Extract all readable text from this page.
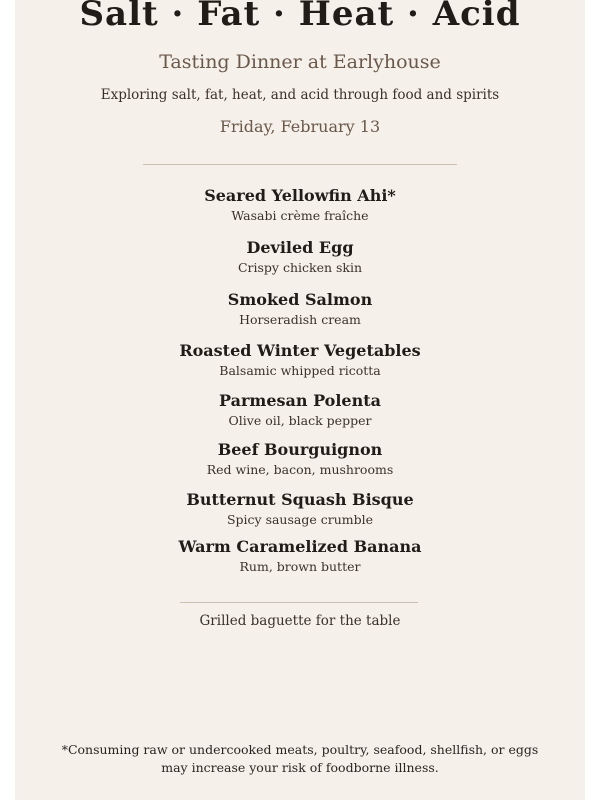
Salt · Fat · Heat · Acid
Tasting Dinner at Earlyhouse
Exploring salt, fat, heat, and acid through food and spirits
Friday, February 13
Seared Yellowfin Ahi*
Wasabi crème fraîche
Deviled Egg
Crispy chicken skin
Smoked Salmon
Horseradish cream
Roasted Winter Vegetables
Balsamic whipped ricotta
Parmesan Polenta
Olive oil, black pepper
Beef Bourguignon
Red wine, bacon, mushrooms
Butternut Squash Bisque
Spicy sausage crumble
Warm Caramelized Banana
Rum, brown butter
Grilled baguette for the table
*Consuming raw or undercooked meats, poultry, seafood, shellfish, or eggs
may increase your risk of foodborne illness.
